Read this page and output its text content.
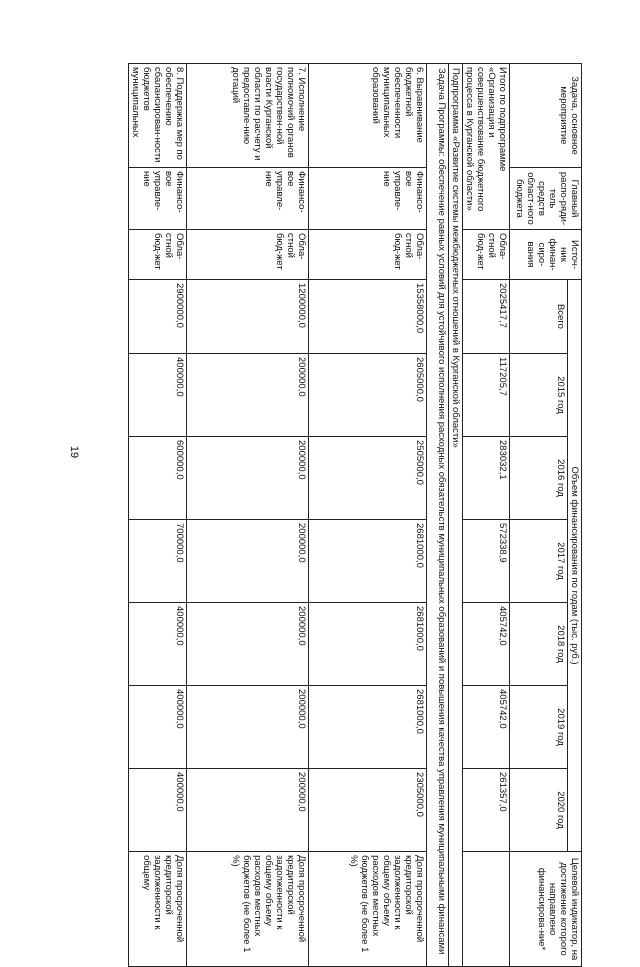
19
Задача, основное мероприятие	Главный распо-ряди-тель средств област-ного бюджета	Источ-ник финан-сиро-вания	Объем финансирования по годам (тыс. руб.)							Целевой индикатор, на достижение которого направлено финансирова-ние*
			Всего	2015 год	2016 год	2017 год	2018 год	2019 год	2020 год	
Итого по подпрограмме «Организация и совершенствование бюджетного процесса в Курганской области»		Обла-стной бюд-жет	2025417,7	117205,7	283032,1	572338,9	405742,0	405742,0	261357,0	
Подпрограмма «Развитие системы межбюджетных отношений в Курганской области»										
Задача Программы: обеспечение равных условий для устойчивого исполнения расходных обязательств муниципальных образований и повышения качества управления муниципальными финансами										
6. Выравнивание бюджетной обеспеченности муниципальных образований	Финансо-вое управле-ние	Обла-стной бюд-жет	15358000,0	2605000,0	2505000,0	2681000,0	2681000,0	2681000,0	2305000,0	Доля просроченной кредиторской задолженности к общему объему расходов местных бюджетов (не более 1 %)
7. Исполнение полномочий органов государствен-ной власти Курганской области по расчету и предоставле-нию дотаций	Финансо-вое управле-ние	Обла-стной бюд-жет	1200000,0	200000,0	200000,0	200000,0	200000,0	200000,0	200000,0	Доля просроченной кредиторской задолженности к общему объему расходов местных бюджетов (не более 1 %)
8. Поддержка мер по обеспечению сбалансирован-ности бюджетов муниципальных	Финансо-вое управле-ние	Обла-стной бюд-жет	2900000,0	400000,0	600000,0	700000,0	400000,0	400000,0	400000,0	Доля просроченной кредиторской задолженности к общему
